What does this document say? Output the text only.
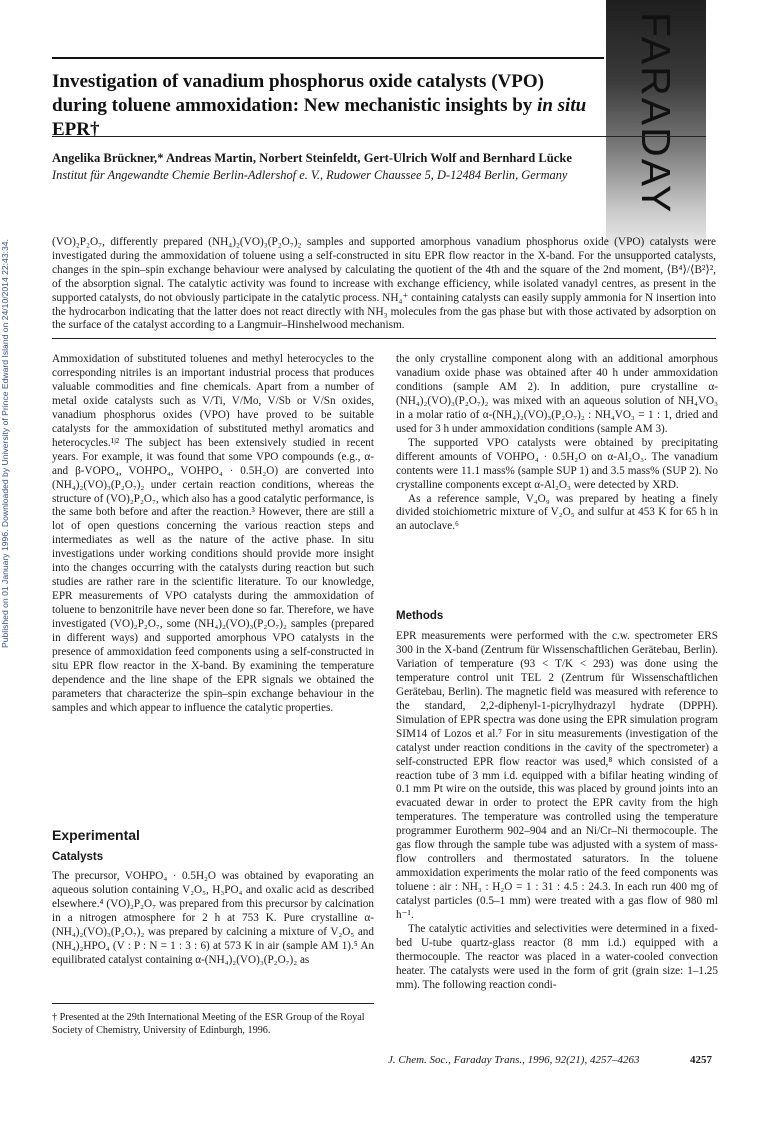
FARADAY
Published on 01 January 1996. Downloaded by University of Prince Edward Island on 24/10/2014 22:43:34.
Investigation of vanadium phosphorus oxide catalysts (VPO) during toluene ammoxidation: New mechanistic insights by in situ EPR†
Angelika Brückner,* Andreas Martin, Norbert Steinfeldt, Gert-Ulrich Wolf and Bernhard Lücke
Institut für Angewandte Chemie Berlin-Adlershof e. V., Rudower Chaussee 5, D-12484 Berlin, Germany

(VO)₂P₂O₇, differently prepared (NH₄)₂(VO)₃(P₂O₇)₂ samples and supported amorphous vanadium phosphorus oxide (VPO) catalysts were investigated during the ammoxidation of toluene using a self-constructed in situ EPR flow reactor in the X-band. For the unsupported catalysts, changes in the spin–spin exchange behaviour were analysed by calculating the quotient of the 4th and the square of the 2nd moment, ⟨B⁴⟩/⟨B²⟩², of the absorption signal. The catalytic activity was found to increase with exchange efficiency, while isolated vanadyl centres, as present in the supported catalysts, do not obviously participate in the catalytic process. NH₄⁺ containing catalysts can easily supply ammonia for N insertion into the hydrocarbon indicating that the latter does not react directly with NH₃ molecules from the gas phase but with those activated by adsorption on the surface of the catalyst according to a Langmuir–Hinshelwood mechanism.

Ammoxidation of substituted toluenes and methyl heterocycles to the corresponding nitriles is an important industrial process that produces valuable commodities and fine chemicals. Apart from a number of metal oxide catalysts such as V/Ti, V/Mo, V/Sb or V/Sn oxides, vanadium phosphorus oxides (VPO) have proved to be suitable catalysts for the ammoxidation of substituted methyl aromatics and heterocycles.¹ʲ² The subject has been extensively studied in recent years. For example, it was found that some VPO compounds (e.g., α- and β-VOPO₄, VOHPO₄, VOHPO₄ · 0.5H₂O) are converted into (NH₄)₂(VO)₃(P₂O₇)₂ under certain reaction conditions, whereas the structure of (VO)₂P₂O₇, which also has a good catalytic performance, is the same both before and after the reaction.³ However, there are still a lot of open questions concerning the various reaction steps and intermediates as well as the nature of the active phase. In situ investigations under working conditions should provide more insight into the changes occurring with the catalysts during reaction but such studies are rather rare in the scientific literature. To our knowledge, EPR measurements of VPO catalysts during the ammoxidation of toluene to benzonitrile have never been done so far. Therefore, we have investigated (VO)₂P₂O₇, some (NH₄)₂(VO)₃(P₂O₇)₂ samples (prepared in different ways) and supported amorphous VPO catalysts in the presence of ammoxidation feed components using a self-constructed in situ EPR flow reactor in the X-band. By examining the temperature dependence and the line shape of the EPR signals we obtained the parameters that characterize the spin–spin exchange behaviour in the samples and which appear to influence the catalytic properties.

Experimental
Catalysts

The precursor, VOHPO₄ · 0.5H₂O was obtained by evaporating an aqueous solution containing V₂O₅, H₃PO₄ and oxalic acid as described elsewhere.⁴ (VO)₂P₂O₇ was prepared from this precursor by calcination in a nitrogen atmosphere for 2 h at 753 K. Pure crystalline α-(NH₄)₂(VO)₃(P₂O₇)₂ was prepared by calcining a mixture of V₂O₅ and (NH₄)₂HPO₄ (V : P : N = 1 : 3 : 6) at 573 K in air (sample AM 1).⁵ An equilibrated catalyst containing α-(NH₄)₂(VO)₃(P₂O₇)₂ as

† Presented at the 29th International Meeting of the ESR Group of the Royal Society of Chemistry, University of Edinburgh, 1996.

the only crystalline component along with an additional amorphous vanadium oxide phase was obtained after 40 h under ammoxidation conditions (sample AM 2). In addition, pure crystalline α-(NH₄)₂(VO)₃(P₂O₇)₂ was mixed with an aqueous solution of NH₄VO₃ in a molar ratio of α-(NH₄)₂(VO)₃(P₂O₇)₂ : NH₄VO₃ = 1 : 1, dried and used for 3 h under ammoxidation conditions (sample AM 3).

The supported VPO catalysts were obtained by precipitating different amounts of VOHPO₄ · 0.5H₂O on α-Al₂O₃. The vanadium contents were 11.1 mass% (sample SUP 1) and 3.5 mass% (SUP 2). No crystalline components except α-Al₂O₃ were detected by XRD.

As a reference sample, V₄O₉ was prepared by heating a finely divided stoichiometric mixture of V₂O₅ and sulfur at 453 K for 65 h in an autoclave.⁶

Methods

EPR measurements were performed with the c.w. spectrometer ERS 300 in the X-band (Zentrum für Wissenschaftlichen Gerätebau, Berlin). Variation of temperature (93 < T/K < 293) was done using the temperature control unit TEL 2 (Zentrum für Wissenschaftlichen Gerätebau, Berlin). The magnetic field was measured with reference to the standard, 2,2-diphenyl-1-picrylhydrazyl hydrate (DPPH). Simulation of EPR spectra was done using the EPR simulation program SIM14 of Lozos et al.⁷ For in situ measurements (investigation of the catalyst under reaction conditions in the cavity of the spectrometer) a self-constructed EPR flow reactor was used,⁸ which consisted of a reaction tube of 3 mm i.d. equipped with a bifilar heating winding of 0.1 mm Pt wire on the outside, this was placed by ground joints into an evacuated dewar in order to protect the EPR cavity from the high temperatures. The temperature was controlled using the temperature programmer Eurotherm 902–904 and an Ni/Cr–Ni thermocouple. The gas flow through the sample tube was adjusted with a system of mass-flow controllers and thermostated saturators. In the toluene ammoxidation experiments the molar ratio of the feed components was toluene : air : NH₃ : H₂O = 1 : 31 : 4.5 : 24.3. In each run 400 mg of catalyst particles (0.5–1 mm) were treated with a gas flow of 980 ml h⁻¹.

The catalytic activities and selectivities were determined in a fixed-bed U-tube quartz-glass reactor (8 mm i.d.) equipped with a thermocouple. The reactor was placed in a water-cooled convection heater. The catalysts were used in the form of grit (grain size: 1–1.25 mm). The following reaction condi-

J. Chem. Soc., Faraday Trans., 1996, 92(21), 4257–4263	4257
